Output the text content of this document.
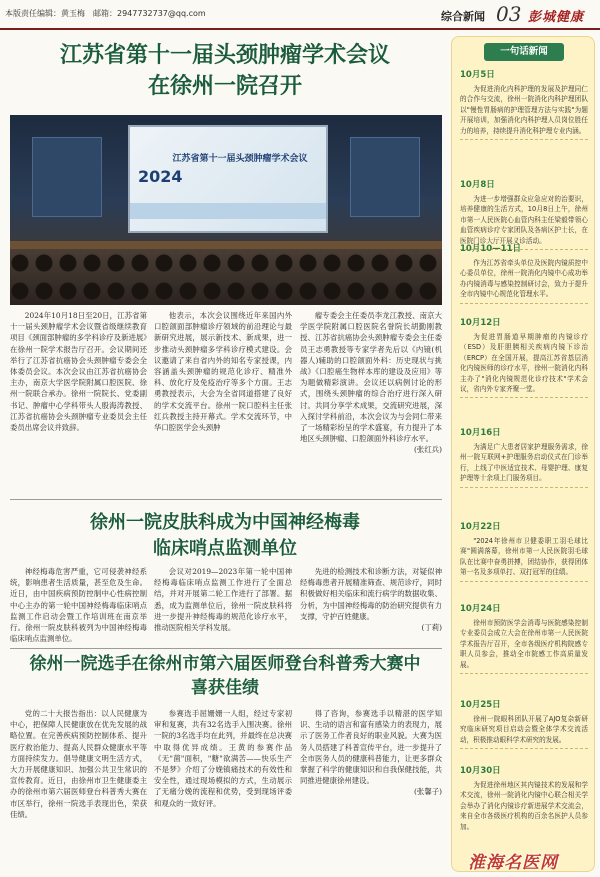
本版责任编辑：黄玉梅　邮箱：2947732737@qq.com	综合新闻 03 彭城健康
江苏省第十一届头颈肿瘤学术会议
在徐州一院召开
2024
江苏省第十一届头颈肿瘤学术会议

2024年10月18日至20日，江苏省第十一届头颈肿瘤学术会议暨省级继续教育项目《颈面部肿瘤的多学科诊疗及新进展》在徐州一院学术报告厅召开。会议期间还举行了江苏省抗癌协会头颈肿瘤专委会全体委员会议。本次会议由江苏省抗癌协会主办，南京大学医学院附属口腔医院、徐州一院联合承办。徐州一院院长、党委副书记、肿瘤中心学科带头人殷海涛教授、江苏省抗癌协会头颈肿瘤专业委员会主任委员出席会议并致辞。

他表示，本次会议围绕近年来国内外口腔颌面部肿瘤诊疗领域的前沿理论与最新研究进展，展示新技术、新成果，进一步推动头颈肿瘤多学科诊疗模式建设。会议邀请了来自省内外的知名专家授课，内容涵盖头颈肿瘤的规范化诊疗、精准外科、放化疗及免疫治疗等多个方面。王志勇教授表示，大会为全省同道搭建了良好的学术交流平台。徐州一院口腔科主任张红兵教授主持开幕式。学术交流环节，中华口腔医学会头颈肿

瘤专委会主任委员李龙江教授、南京大学医学院附属口腔医院名誉院长胡勤刚教授、江苏省抗癌协会头颈肿瘤专委会主任委员王志勇教授等专家学者先后以《内镜(机器人)辅助的口腔颌面外科：历史现状与挑战》《口腔癌生物样本库的建设及应用》等为题做精彩演讲。会议还以病例讨论的形式，围绕头颈肿瘤的综合治疗进行深入研讨。共同分享学术成果，交流研究进展，深入探讨学科前沿，本次会议为与会同仁带来了一场精彩纷呈的学术盛宴，有力提升了本地区头颈肿瘤、口腔颌面外科诊疗水平。

(张红兵)

徐州一院皮肤科成为中国神经梅毒
临床哨点监测单位

神经梅毒危害严重，它可侵袭神经系统，影响患者生活质量，甚至危及生命。近日，由中国疾病预防控制中心性病控制中心主办的第一轮中国神经梅毒临床哨点监测工作启动会暨工作培训班在南京举行。徐州一院皮肤科被列为中国神经梅毒临床哨点监测单位。

会议对2019—2023年第一轮中国神经梅毒临床哨点监测工作进行了全面总结，并对开展第二轮工作进行了部署。据悉，成为监测单位后，徐州一院皮肤科将进一步提升神经梅毒的规范化诊疗水平，推动医院相关学科发展。

先进的检测技术和诊断方法，对疑似神经梅毒患者开展精准筛查、规范诊疗，同时积极做好相关临床和流行病学的数据收集、分析，为中国神经梅毒的防治研究提供有力支撑，守护百姓健康。

(丁莉)

徐州一院选手在徐州市第六届医师登台科普秀大赛中
喜获佳绩

党的二十大报告指出：以人民健康为中心，把保障人民健康放在优先发展的战略位置。在完善疾病预防控制体系、提升医疗救治能力、提高人民群众健康水平等方面持续发力。倡导健康文明生活方式，大力开展健康知识、加强公共卫生常识的宣传教育。近日，由徐州市卫生健康委主办的徐州市第六届医师登台科普秀大赛在市区举行，徐州一院选手表现出色，荣获佳绩。

参赛选手屈姗姗一人组，经过专家初审和复赛，共有32名选手入围决赛。徐州一院的3名选手均在此列，并最终在总决赛中取得优异成绩。王黄的参赛作品《无"菌"面积，"糖"欲满苦——快乐生产不是梦》介绍了分娩镇痛技术的有效性和安全性，通过现场模拟的方式，生动展示了无痛分娩的流程和优势，受到现场评委和观众的一致好评。

得了咨询，参赛选手以精湛的医学知识、生动的语言和富有感染力的表现力，展示了医务工作者良好的职业风貌。大赛为医务人员搭建了科普宣传平台，进一步提升了全市医务人员的健康科普能力，让更多群众掌握了科学的健康知识和自我保健技能，共同推进健康徐州建设。

(张馨子)

一句话新闻
10月5日
为促进消化内科护理的发展及护理同仁的合作与交流，徐州一院消化内科护理团队以"慢性胃肠病的护理管理方法与实践"为题开展培训，加强消化内科护理人员岗位胜任力的培养，持续提升消化科护理专业内涵。
10月8日
为进一步增强群众应急应对的治要识，培养健康的生活方式，10月8日上午，徐州市第一人民医院心血管内科主任梁毅带领心血管疾病诊疗专家团队及各病区护士长，在医院门诊大厅开展义诊活动。
10月10—11日
作为江苏省牵头单位及医院内镜质控中心委员单位，徐州一院消化内镜中心成功举办内镜消毒与感染控制研讨会，致力于提升全市内镜中心规范化管理水平。
10月12日
为促进胃肠道早期肿瘤的内镜诊疗（ESD）及肝胆胰相关疾病内镜下诊治（ERCP）在全国开展，提高江苏省基层消化内镜医师的诊疗水平，徐州一院消化内科主办了"消化内镜规范化诊疗技术"学术会议，省内外专家齐聚一堂。
10月16日
为满足广大患者居家护理服务需求，徐州一院互联网+护理服务启动仪式在门诊举行，上线了中医适宜技术、母婴护理、康复护理等十余项上门服务项目。
10月22日
"2024年徐州市卫健委职工羽毛球比赛"圆满落幕，徐州市第一人民医院羽毛球队在比赛中奋勇拼搏，团结协作，获得团体第一名及多项单打、双打冠军的佳绩。
10月24日
徐州市预防医学会消毒与医院感染控制专业委员会成立大会在徐州市第一人民医院学术报告厅召开，全市各级医疗机构院感专职人员参会，推动全市院感工作高质量发展。
10月25日
徐州一院眼科团队开展了AJO复杂新研究临床研究项目启动会暨全体学术交流活动，积极推动眼科学术研究的发展。
10月30日
为促进徐州地区其内镜技术的发展和学术交流，徐州一院消化内镜中心联合相关学会举办了消化内镜诊疗新进展学术交流会，来自全市各级医疗机构的百余名医护人员参加。
淮海名医网
